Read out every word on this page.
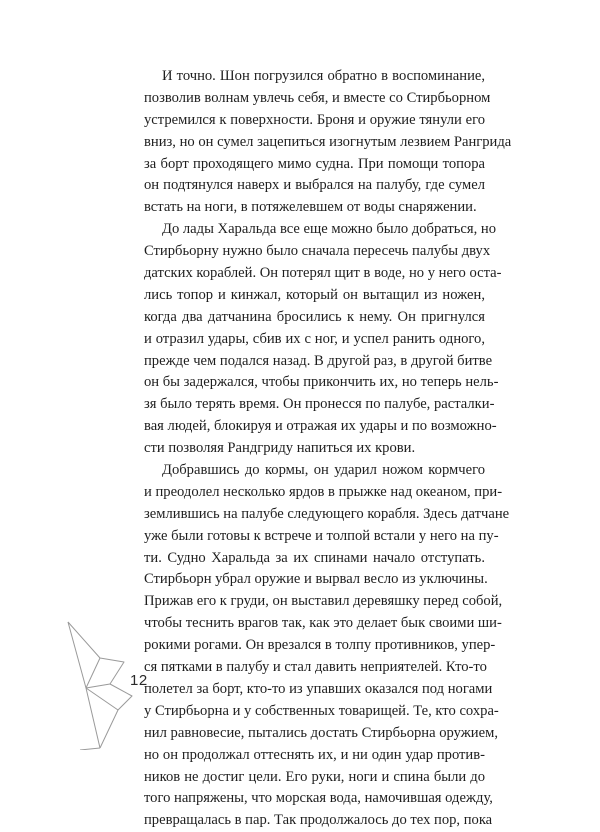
И точно. Шон погрузился обратно в воспоминание,
позволив волнам увлечь себя, и вместе со Стирбьорном
устремился к поверхности. Броня и оружие тянули его
вниз, но он сумел зацепиться изогнутым лезвием Рангрида
за борт проходящего мимо судна. При помощи топора
он подтянулся наверх и выбрался на палубу, где сумел
встать на ноги, в потяжелевшем от воды снаряжении.
До лады Харальда все еще можно было добраться, но
Стирбьорну нужно было сначала пересечь палубы двух
датских кораблей. Он потерял щит в воде, но у него оста-
лись топор и кинжал, который он вытащил из ножен,
когда два датчанина бросились к нему. Он пригнулся
и отразил удары, сбив их с ног, и успел ранить одного,
прежде чем подался назад. В другой раз, в другой битве
он бы задержался, чтобы прикончить их, но теперь нель-
зя было терять время. Он пронесся по палубе, расталки-
вая людей, блокируя и отражая их удары и по возможно-
сти позволяя Рандгриду напиться их крови.
Добравшись до кормы, он ударил ножом кормчего
и преодолел несколько ярдов в прыжке над океаном, при-
землившись на палубе следующего корабля. Здесь датчане
уже были готовы к встрече и толпой встали у него на пу-
ти. Судно Харальда за их спинами начало отступать.
Стирбьорн убрал оружие и вырвал весло из уключины.
Прижав его к груди, он выставил деревяшку перед собой,
чтобы теснить врагов так, как это делает бык своими ши-
рокими рогами. Он врезался в толпу противников, упер-
ся пятками в палубу и стал давить неприятелей. Кто-то
полетел за борт, кто-то из упавших оказался под ногами
у Стирбьорна и у собственных товарищей. Те, кто сохра-
нил равновесие, пытались достать Стирбьорна оружием,
но он продолжал оттеснять их, и ни один удар против-
ников не достиг цели. Его руки, ноги и спина были до
того напряжены, что морская вода, намочившая одежду,
превращалась в пар. Так продолжалось до тех пор, пока
12
